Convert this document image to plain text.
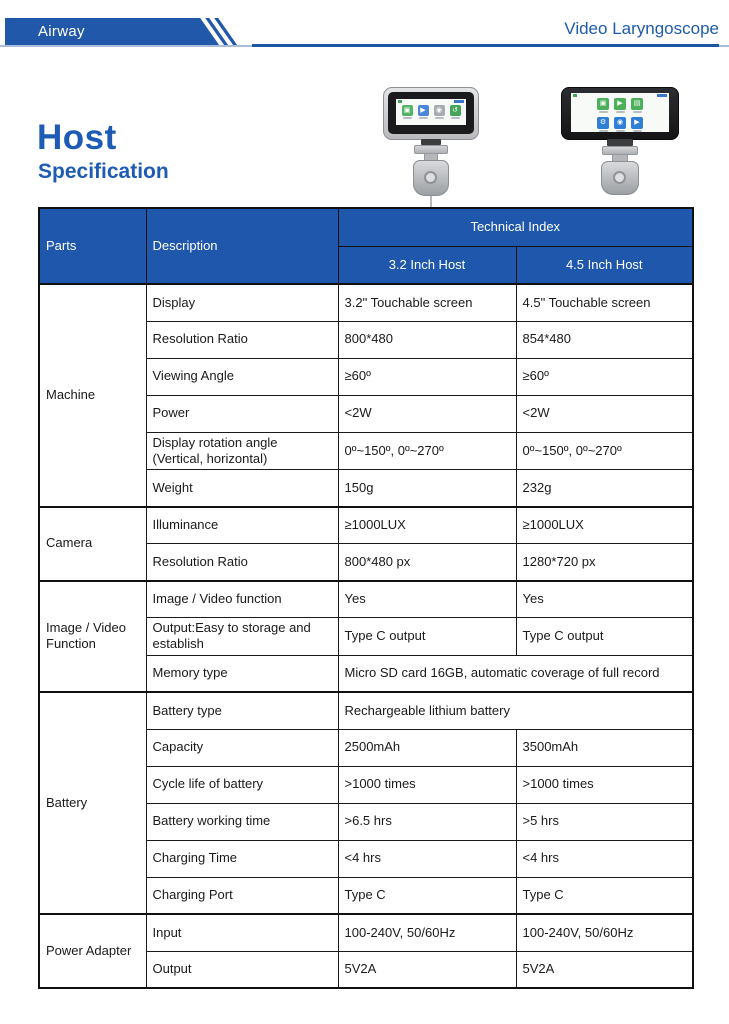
Airway	Video Laryngoscope
Host
Specification
▣	▶	◉	↺
▣	▶	▤
⚙	◉	▶
Parts	Description	Technical Index	
		3.2 Inch Host	4.5 Inch Host
Machine	Display	3.2" Touchable screen	4.5" Touchable screen
	Resolution Ratio	800*480	854*480
	Viewing Angle	≥60º	≥60º
	Power	<2W	<2W
	Display rotation angle (Vertical, horizontal)	0º~150º, 0º~270º	0º~150º, 0º~270º
	Weight	150g	232g
Camera	Illuminance	≥1000LUX	≥1000LUX
	Resolution Ratio	800*480 px	1280*720 px
Image / Video Function	Image / Video function	Yes	Yes
	Output:Easy to storage and establish	Type C output	Type C output
	Memory type	Micro SD card 16GB, automatic coverage of full record	
Battery	Battery type	Rechargeable lithium battery	
	Capacity	2500mAh	3500mAh
	Cycle life of battery	>1000 times	>1000 times
	Battery working time	>6.5 hrs	>5 hrs
	Charging Time	<4 hrs	<4 hrs
	Charging Port	Type C	Type C
Power Adapter	Input	100-240V, 50/60Hz	100-240V, 50/60Hz
	Output	5V2A	5V2A
